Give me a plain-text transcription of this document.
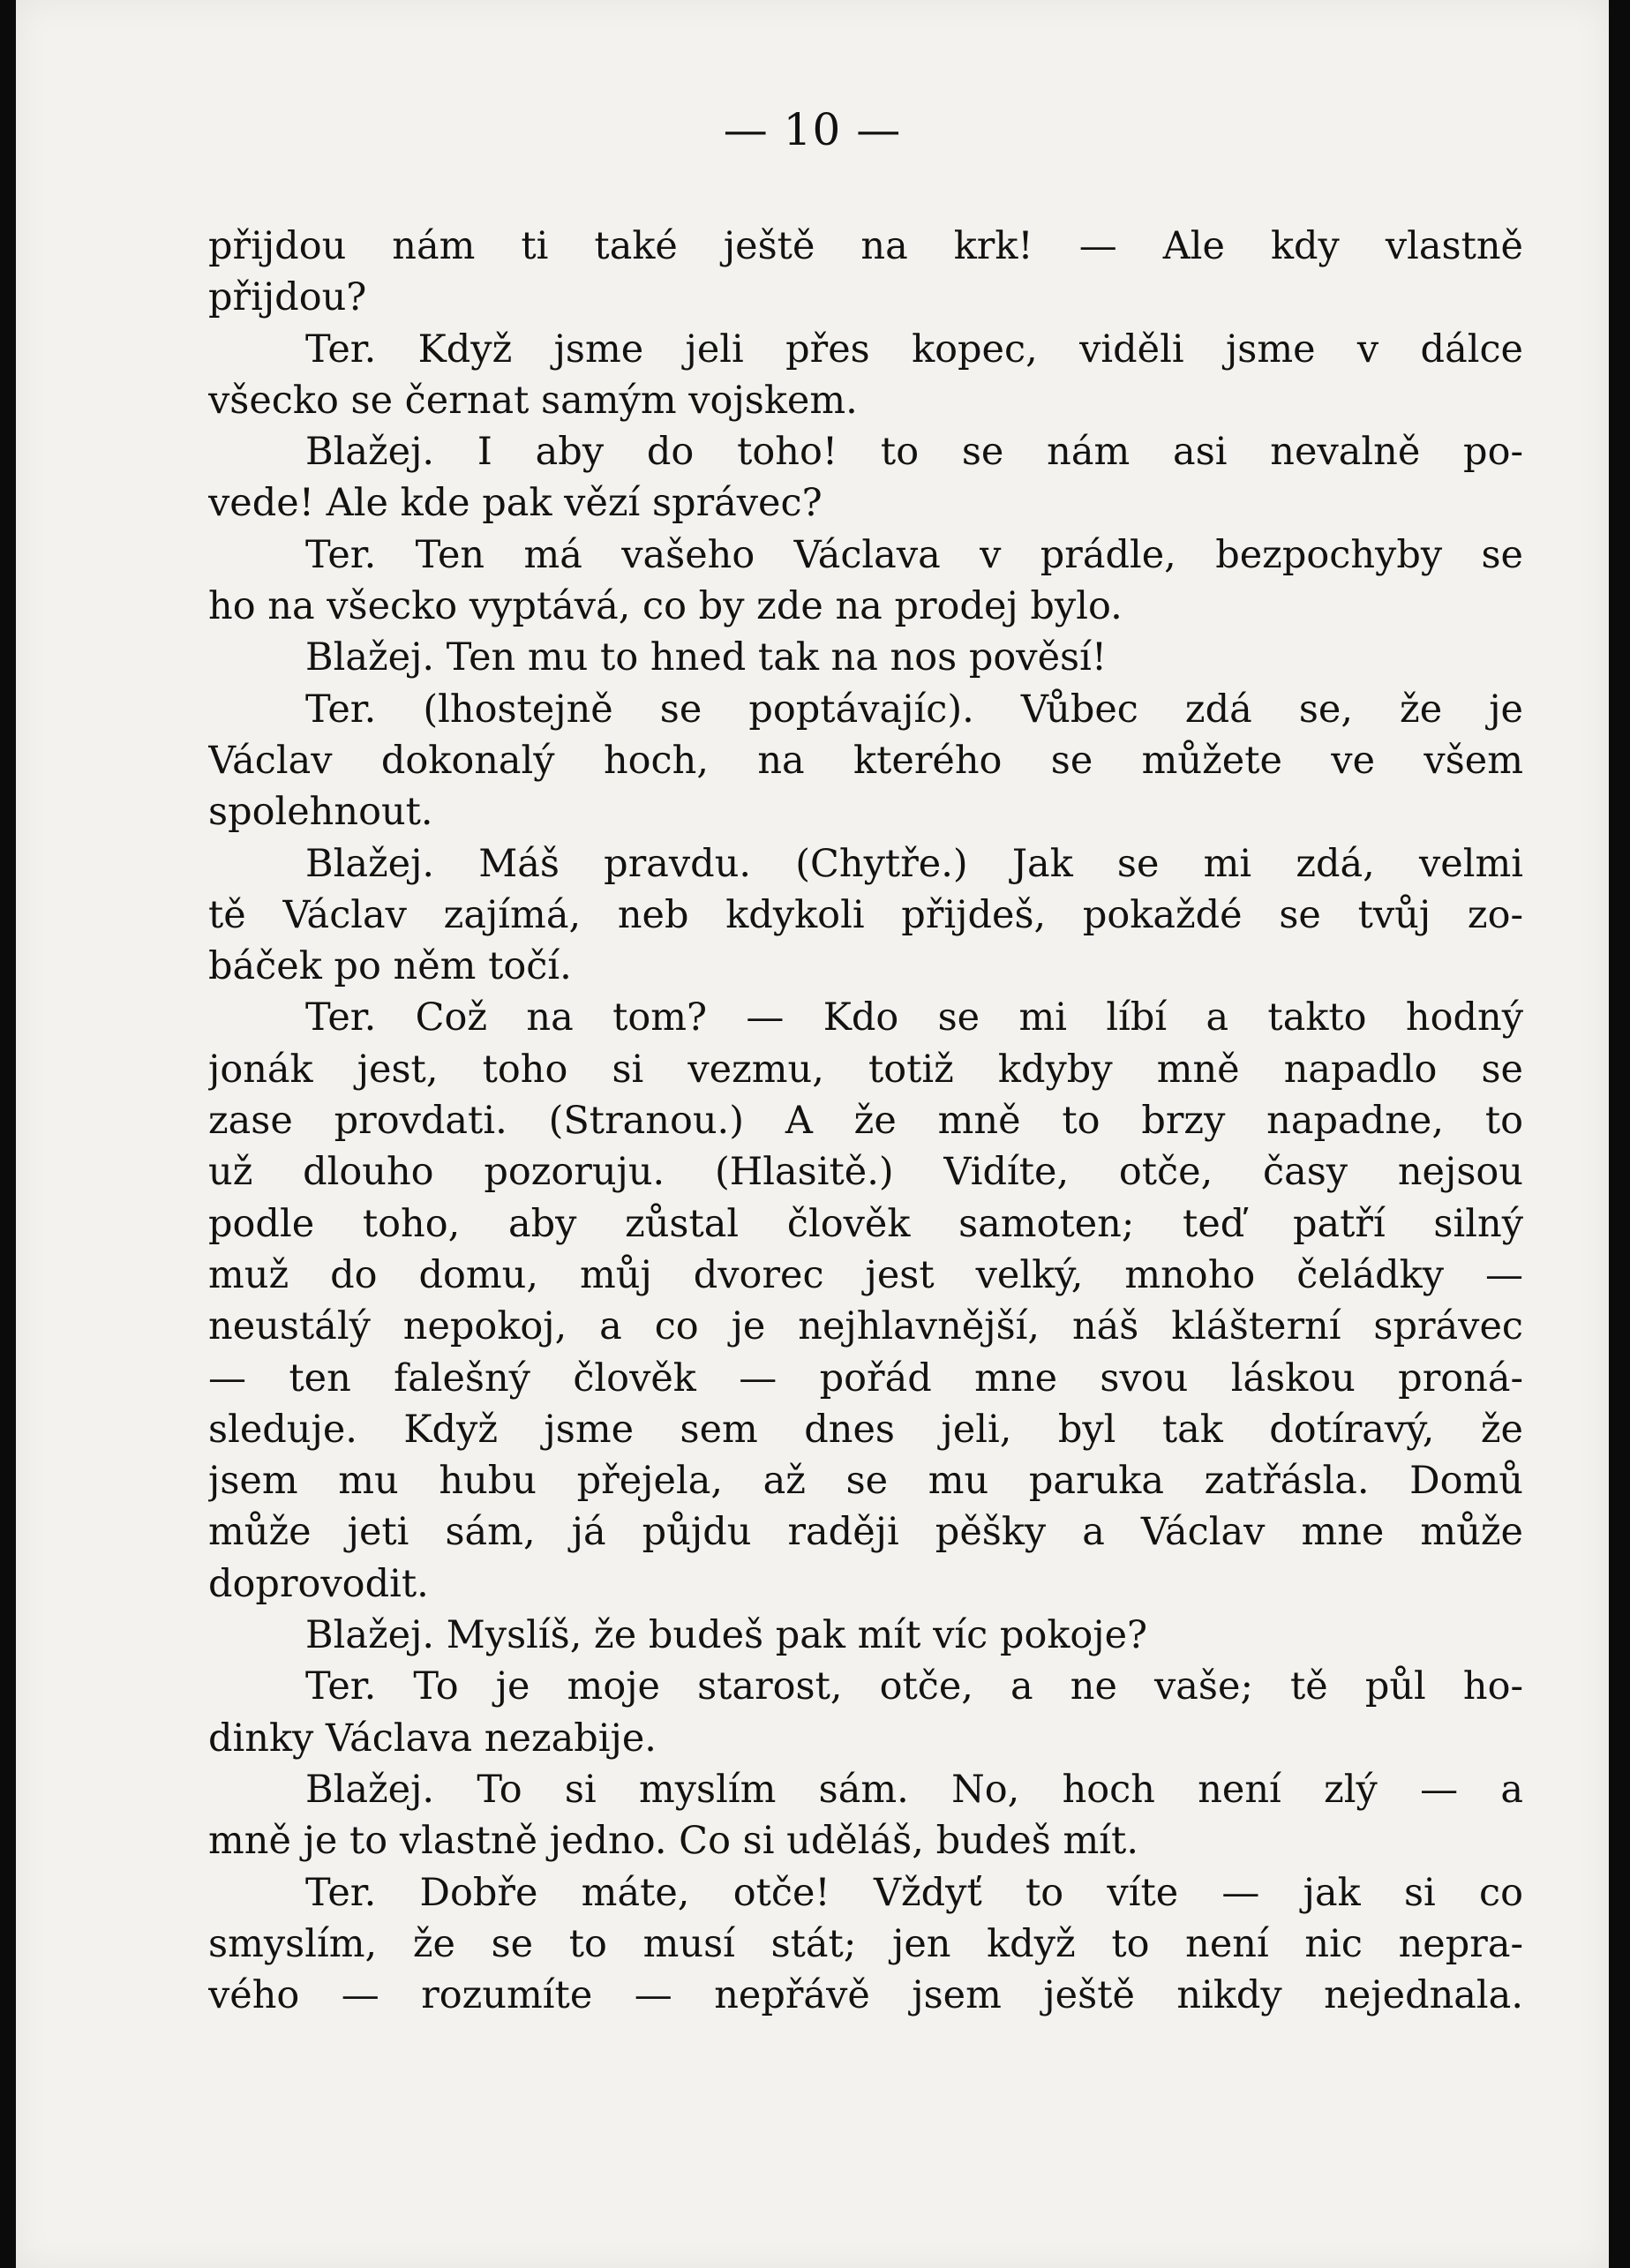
— 10 —
přijdou nám ti také ještě na krk! — Ale kdy vlastně
přijdou?
Ter. Když jsme jeli přes kopec, viděli jsme v dálce
všecko se černat samým vojskem.
Blažej. I aby do toho! to se nám asi nevalně po-
vede! Ale kde pak vězí správec?
Ter. Ten má vašeho Václava v prádle, bezpochyby se
ho na všecko vyptává, co by zde na prodej bylo.
Blažej. Ten mu to hned tak na nos pověsí!
Ter. (lhostejně se poptávajíc). Vůbec zdá se, že je
Václav dokonalý hoch, na kterého se můžete ve všem
spolehnout.
Blažej. Máš pravdu. (Chytře.) Jak se mi zdá, velmi
tě Václav zajímá, neb kdykoli přijdeš, pokaždé se tvůj zo-
báček po něm točí.
Ter. Což na tom? — Kdo se mi líbí a takto hodný
jonák jest, toho si vezmu, totiž kdyby mně napadlo se
zase provdati. (Stranou.) A že mně to brzy napadne, to
už dlouho pozoruju. (Hlasitě.) Vidíte, otče, časy nejsou
podle toho, aby zůstal člověk samoten; teď patří silný
muž do domu, můj dvorec jest velký, mnoho čeládky —
neustálý nepokoj, a co je nejhlavnější, náš klášterní správec
— ten falešný člověk — pořád mne svou láskou proná-
sleduje. Když jsme sem dnes jeli, byl tak dotíravý, že
jsem mu hubu přejela, až se mu paruka zatřásla. Domů
může jeti sám, já půjdu raději pěšky a Václav mne může
doprovodit.
Blažej. Myslíš, že budeš pak mít víc pokoje?
Ter. To je moje starost, otče, a ne vaše; tě půl ho-
dinky Václava nezabije.
Blažej. To si myslím sám. No, hoch není zlý — a
mně je to vlastně jedno. Co si uděláš, budeš mít.
Ter. Dobře máte, otče! Vždyť to víte — jak si co
smyslím, že se to musí stát; jen když to není nic nepra-
vého — rozumíte — nepřávě jsem ještě nikdy nejednala.
